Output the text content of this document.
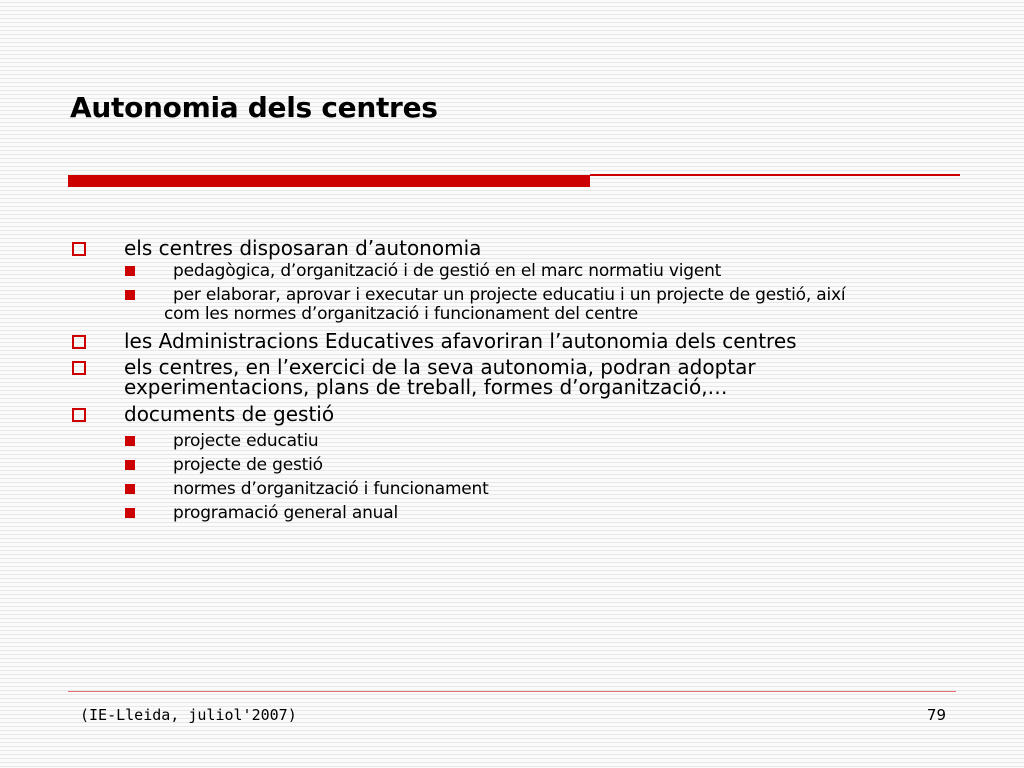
Autonomia dels centres
els centres disposaran d’autonomia
pedagògica, d’organització i de gestió en el marc normatiu vigent
per elaborar, aprovar i executar un projecte educatiu i un projecte de gestió, així
com les normes d’organització i funcionament del centre
les Administracions Educatives afavoriran l’autonomia dels centres
els centres, en l’exercici de la seva autonomia, podran adoptar experimentacions, plans de treball, formes d’organització,…
documents de gestió
projecte educatiu
projecte de gestió
normes d’organització i funcionament
programació general anual
(IE-Lleida, juliol'2007)	79
